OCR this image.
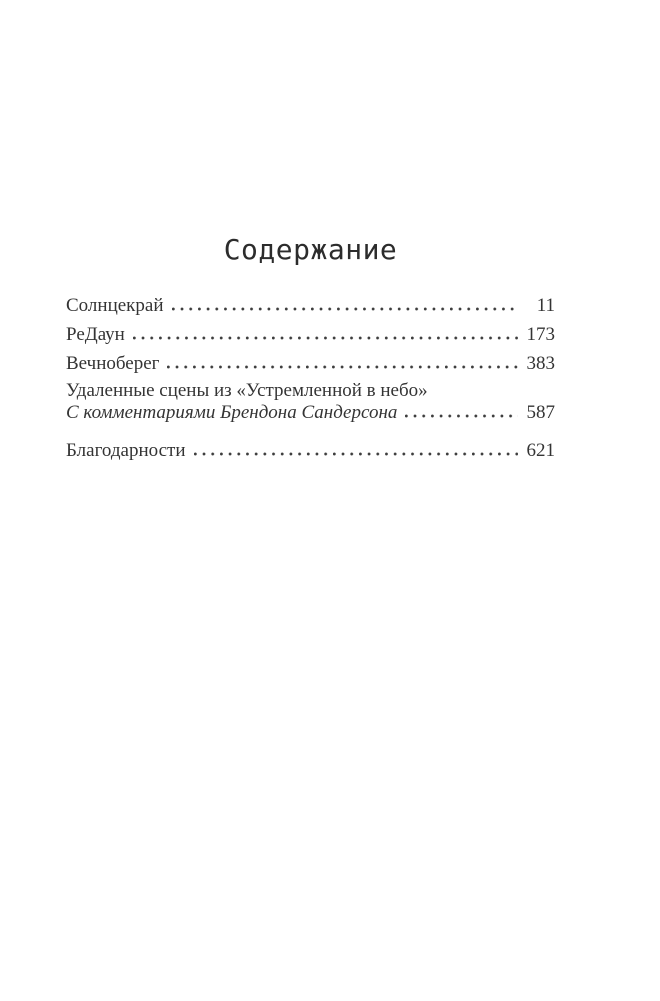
Содержание
Солнцекрай	11
РеДаун	173
Вечноберег	383
Удаленные сцены из «Устремленной в небо»
С комментариями Брендона Сандерсона	587
Благодарности	621
